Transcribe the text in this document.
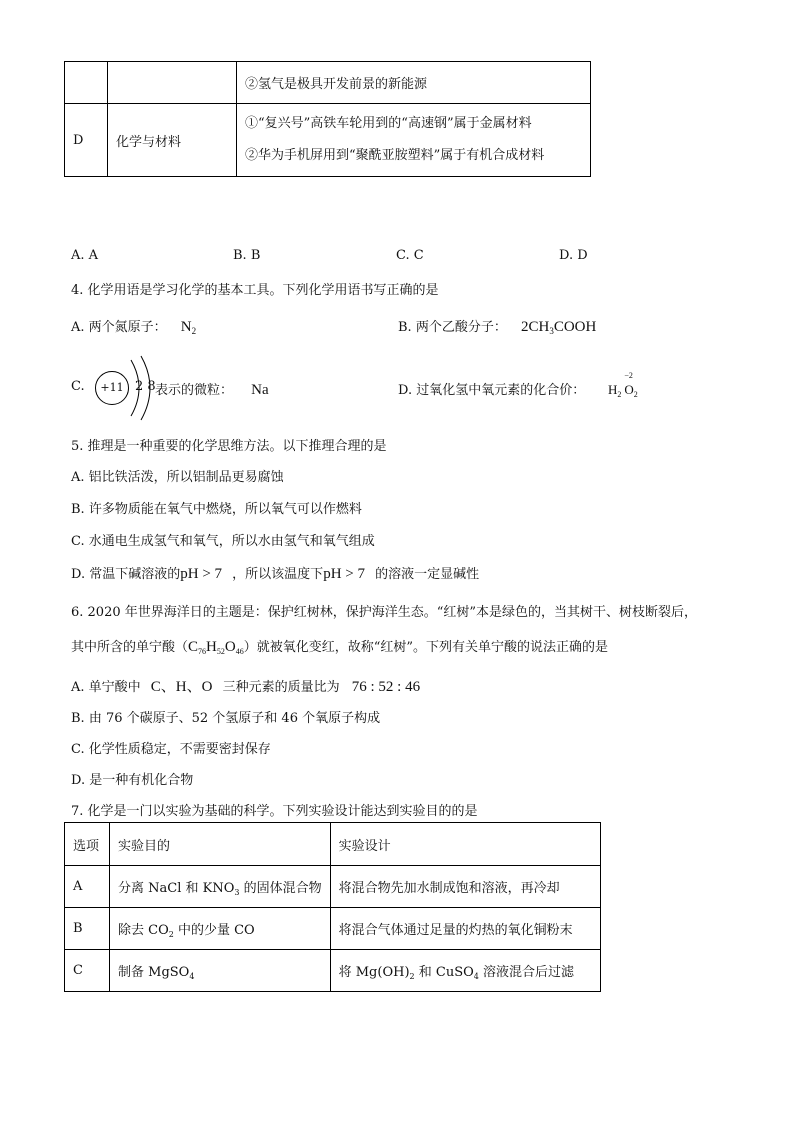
		②氢气是极具开发前景的新能源
D	化学与材料	①“复兴号”高铁车轮用到的“高速钢”属于金属材料
②华为手机屏用到“聚酰亚胺塑料”属于有机合成材料
A. A	B. B	C. C	D. D
4. 化学用语是学习化学的基本工具。下列化学用语书写正确的是
A. 两个氮原子： $N_2$	B. 两个乙酸分子： $2CH_3COOH$
C.	+11 2 8 表示的微粒： Na	D. 过氧化氢中氧元素的化合价： $H_2$
−2
$O_2$
5. 推理是一种重要的化学思维方法。以下推理合理的是
A. 铝比铁活泼，所以铝制品更易腐蚀
B. 许多物质能在氧气中燃烧，所以氧气可以作燃料
C. 水通电生成氢气和氧气，所以水由氢气和氧气组成
D. 常温下碱溶液的pH > 7 ，所以该温度下pH > 7 的溶液一定显碱性
6. 2020 年世界海洋日的主题是：保护红树林，保护海洋生态。“红树”本是绿色的，当其树干、树枝断裂后，
其中所含的单宁酸$(C_{76}H_{52}O_{46})$就被氧化变红，故称“红树”。下列有关单宁酸的说法正确的是
A. 单宁酸中 C、H、O 三种元素的质量比为 76 : 52 : 46
B. 由 76 个碳原子、52 个氢原子和 46 个氧原子构成
C. 化学性质稳定，不需要密封保存
D. 是一种有机化合物
7. 化学是一门以实验为基础的科学。下列实验设计能达到实验目的的是
选项	实验目的	实验设计
A	分离 NaCl 和 $KNO_3$ 的固体混合物	将混合物先加水制成饱和溶液，再冷却
B	除去 $CO_2$ 中的少量 CO	将混合气体通过足量的灼热的氧化铜粉末
C	制备 MgSO$_4$	将 $Mg(OH)_2$ 和 CuSO$_4$ 溶液混合后过滤
